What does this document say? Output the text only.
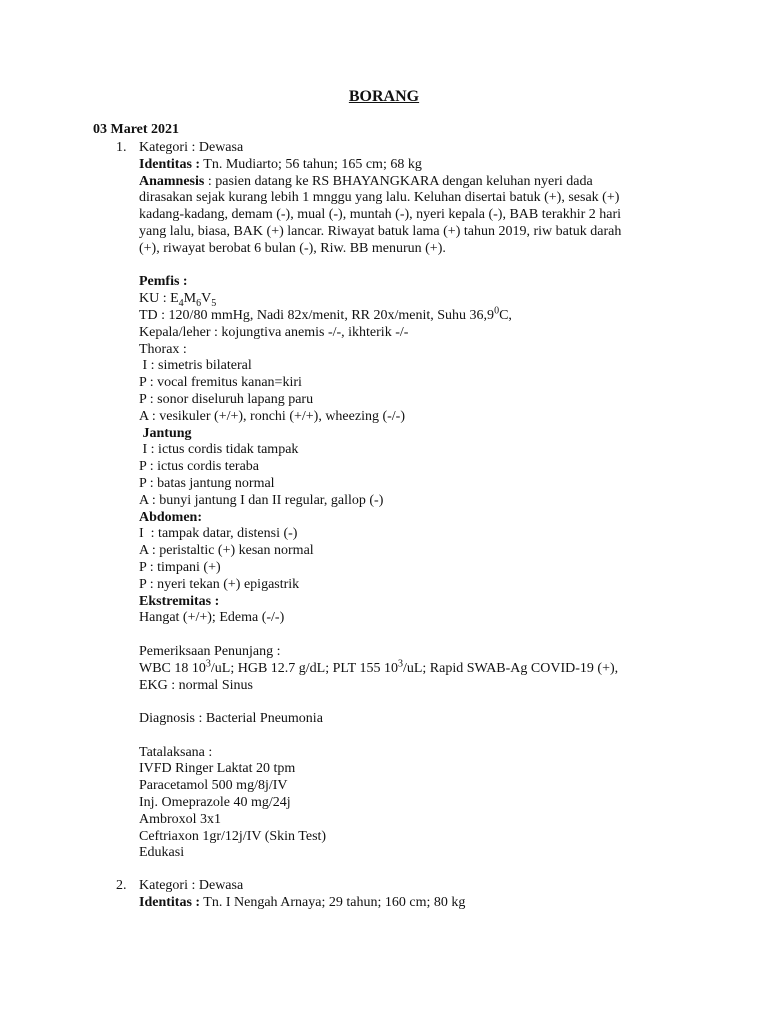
BORANG
03 Maret 2021
1. Kategori : Dewasa
Identitas : Tn. Mudiarto; 56 tahun; 165 cm; 68 kg
Anamnesis : pasien datang ke RS BHAYANGKARA dengan keluhan nyeri dada
dirasakan sejak kurang lebih 1 mnggu yang lalu. Keluhan disertai batuk (+), sesak (+)
kadang-kadang, demam (-), mual (-), muntah (-), nyeri kepala (-), BAB terakhir 2 hari
yang lalu, biasa, BAK (+) lancar. Riwayat batuk lama (+) tahun 2019, riw batuk darah
(+), riwayat berobat 6 bulan (-), Riw. BB menurun (+).
Pemfis :
KU : $E_4M_6V_5$
TD : 120/80 mmHg, Nadi 82x/menit, RR 20x/menit, Suhu 36,9$^0$C,
Kepala/leher : kojungtiva anemis -/-, ikhterik -/-
Thorax :
I : simetris bilateral
P : vocal fremitus kanan=kiri
P : sonor diseluruh lapang paru
A : vesikuler (+/+), ronchi (+/+), wheezing (-/-)
Jantung
I : ictus cordis tidak tampak
P : ictus cordis teraba
P : batas jantung normal
A : bunyi jantung I dan II regular, gallop (-)
Abdomen:
I  : tampak datar, distensi (-)
A : peristaltic (+) kesan normal
P : timpani (+)
P : nyeri tekan (+) epigastrik
Ekstremitas :
Hangat (+/+); Edema (-/-)
Pemeriksaan Penunjang :
WBC 18 $10^3/uL$; HGB 12.7 g/dL; PLT 155 $10^3/uL$; Rapid SWAB-Ag COVID-19 (+),
EKG : normal Sinus
Diagnosis : Bacterial Pneumonia
Tatalaksana :
IVFD Ringer Laktat 20 tpm
Paracetamol 500 mg/8j/IV
Inj. Omeprazole 40 mg/24j
Ambroxol 3x1
Ceftriaxon 1gr/12j/IV (Skin Test)
Edukasi
2. Kategori : Dewasa
Identitas : Tn. I Nengah Arnaya; 29 tahun; 160 cm; 80 kg
